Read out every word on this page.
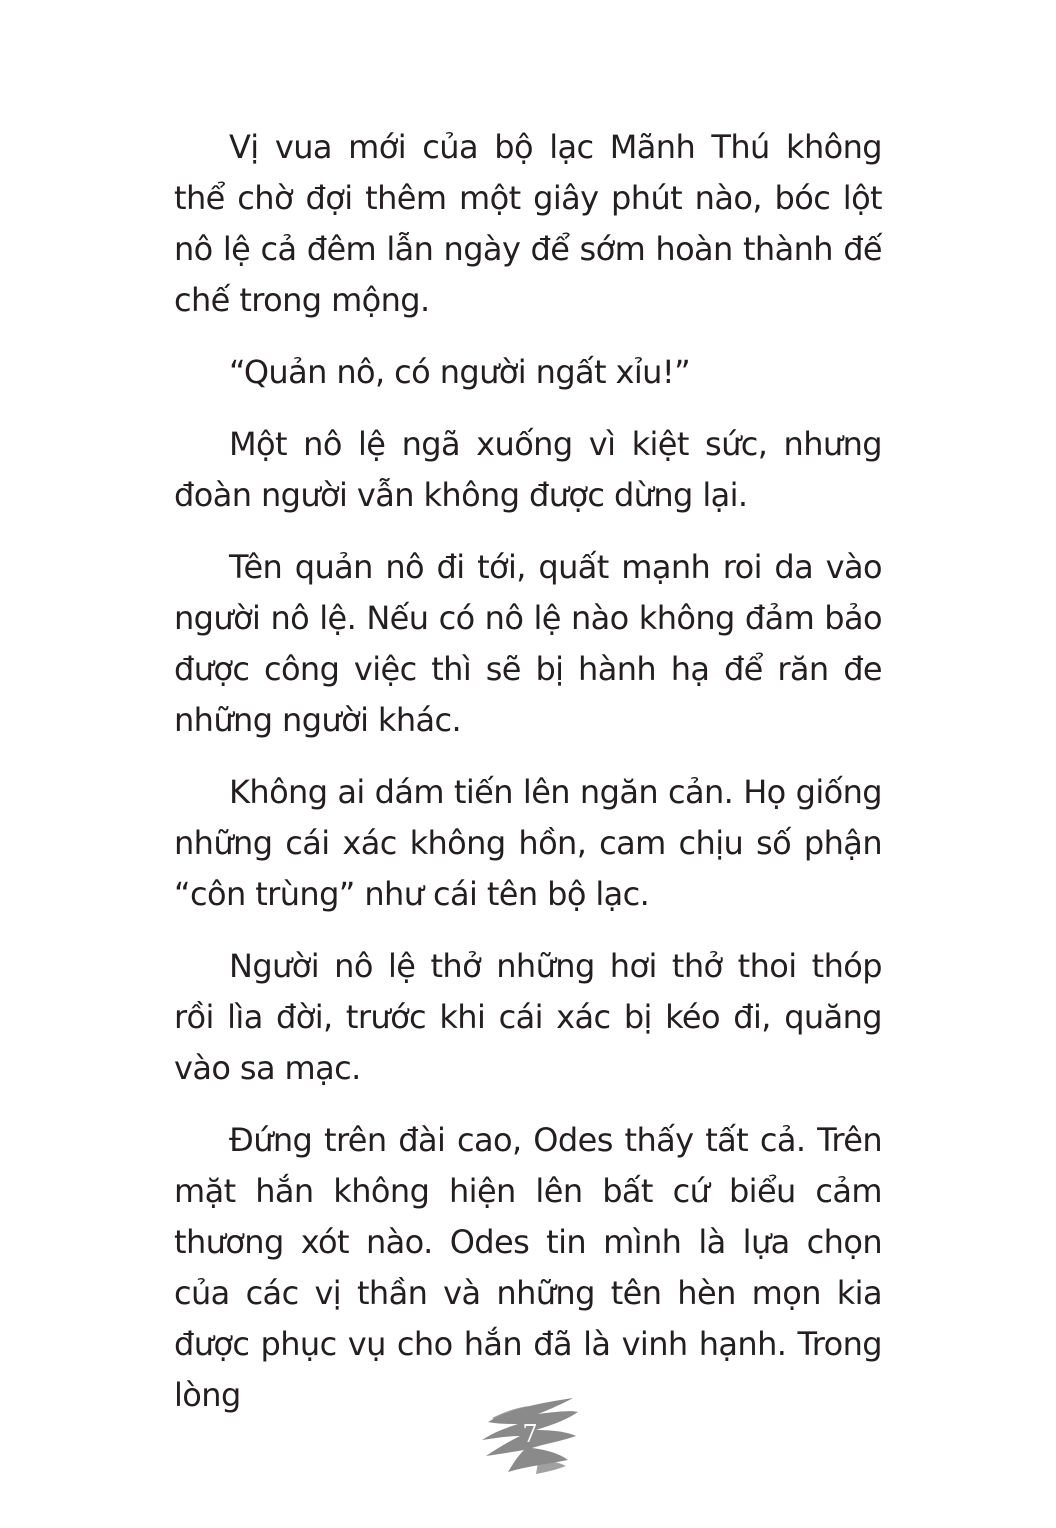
Vị vua mới của bộ lạc Mãnh Thú không thể chờ đợi thêm một giây phút nào, bóc lột nô lệ cả đêm lẫn ngày để sớm hoàn thành đế chế trong mộng.

“Quản nô, có người ngất xỉu!”

Một nô lệ ngã xuống vì kiệt sức, nhưng đoàn người vẫn không được dừng lại.

Tên quản nô đi tới, quất mạnh roi da vào người nô lệ. Nếu có nô lệ nào không đảm bảo được công việc thì sẽ bị hành hạ để răn đe những người khác.

Không ai dám tiến lên ngăn cản. Họ giống những cái xác không hồn, cam chịu số phận “côn trùng” như cái tên bộ lạc.

Người nô lệ thở những hơi thở thoi thóp rồi lìa đời, trước khi cái xác bị kéo đi, quăng vào sa mạc.

Đứng trên đài cao, Odes thấy tất cả. Trên mặt hắn không hiện lên bất cứ biểu cảm thương xót nào. Odes tin mình là lựa chọn của các vị thần và những tên hèn mọn kia được phục vụ cho hắn đã là vinh hạnh. Trong lòng

7
